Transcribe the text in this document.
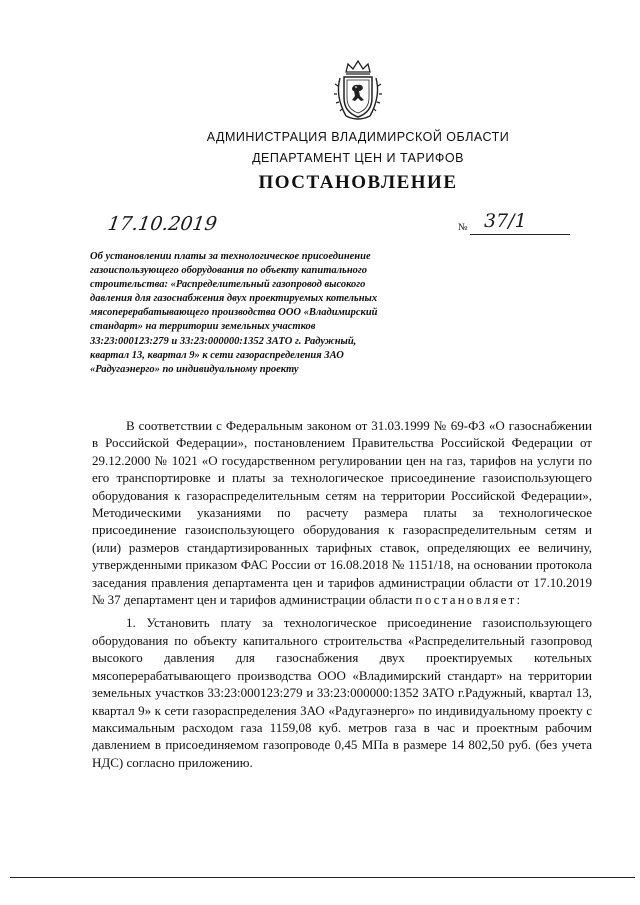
АДМИНИСТРАЦИЯ ВЛАДИМИРСКОЙ ОБЛАСТИ
ДЕПАРТАМЕНТ ЦЕН И ТАРИФОВ
ПОСТАНОВЛЕНИЕ
17.10.2019	№ 37/1
Об установлении платы за технологическое присоединение газоиспользующего оборудования по объекту капитального строительства: «Распределительный газопровод высокого давления для газоснабжения двух проектируемых котельных мясоперерабатывающего производства ООО «Владимирский стандарт» на территории земельных участков 33:23:000123:279 и 33:23:000000:1352 ЗАТО г. Радужный, квартал 13, квартал 9» к сети газораспределения ЗАО «Радугаэнерго» по индивидуальному проекту

В соответствии с Федеральным законом от 31.03.1999 № 69-ФЗ «О газоснабжении в Российской Федерации», постановлением Правительства Российской Федерации от 29.12.2000 № 1021 «О государственном регулировании цен на газ, тарифов на услуги по его транспортировке и платы за технологическое присоединение газоиспользующего оборудования к газораспределительным сетям на территории Российской Федерации», Методическими указаниями по расчету размера платы за технологическое присоединение газоиспользующего оборудования к газораспределительным сетям и (или) размеров стандартизированных тарифных ставок, определяющих ее величину, утвержденными приказом ФАС России от 16.08.2018 № 1151/18, на основании протокола заседания правления департамента цен и тарифов администрации области от 17.10.2019 № 37 департамент цен и тарифов администрации области постановляет:

1. Установить плату за технологическое присоединение газоиспользующего оборудования по объекту капитального строительства «Распределительный газопровод высокого давления для газоснабжения двух проектируемых котельных мясоперерабатывающего производства ООО «Владимирский стандарт» на территории земельных участков 33:23:000123:279 и 33:23:000000:1352 ЗАТО г.Радужный, квартал 13, квартал 9» к сети газораспределения ЗАО «Радугаэнерго» по индивидуальному проекту с максимальным расходом газа 1159,08 куб. метров газа в час и проектным рабочим давлением в присоединяемом газопроводе 0,45 МПа в размере 14 802,50 руб. (без учета НДС) согласно приложению.
